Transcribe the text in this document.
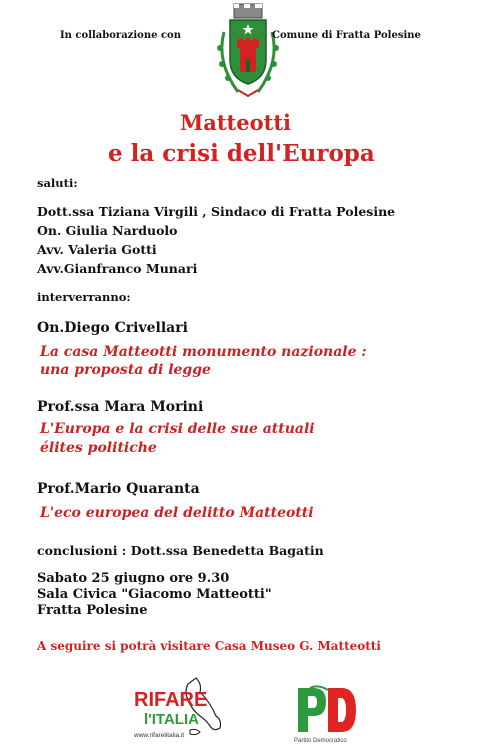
In collaborazione con	Comune di Fratta Polesine
Matteotti
e la crisi dell'Europa
saluti:
Dott.ssa Tiziana Virgili , Sindaco di Fratta Polesine
On. Giulia Narduolo
Avv. Valeria Gotti
Avv.Gianfranco Munari
interverranno:
On.Diego Crivellari
La casa Matteotti monumento nazionale :
una proposta di legge
Prof.ssa Mara Morini
L'Europa e la crisi delle sue attuali
élites politiche
Prof.Mario Quaranta
L'eco europea del delitto Matteotti
conclusioni : Dott.ssa Benedetta Bagatin
Sabato 25 giugno ore 9.30
Sala Civica "Giacomo Matteotti"
Fratta Polesine
A seguire si potrà visitare Casa Museo G. Matteotti
RIFARE
l'ITALIA
www.rifarelitalia.it
Partito Democratico
